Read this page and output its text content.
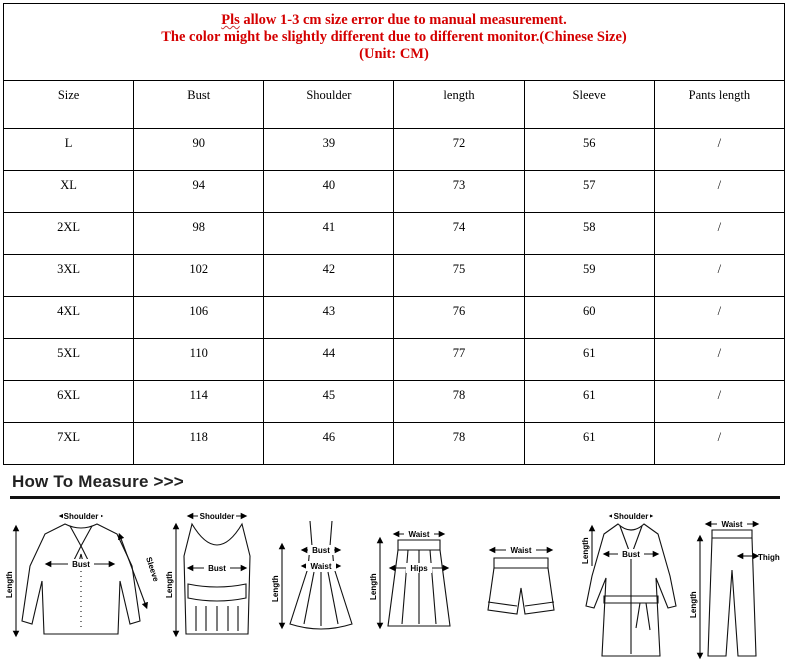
Pls allow 1-3 cm size error due to manual measurement.
The color might be slightly different due to different monitor.(Chinese Size)
(Unit: CM)					

Size	Bust	Shoulder	length	Sleeve	Pants length
L	90	39	72	56	/
XL	94	40	73	57	/
2XL	98	41	74	58	/
3XL	102	42	75	59	/
4XL	106	43	76	60	/
5XL	110	44	77	61	/
6XL	114	45	78	61	/
7XL	118	46	78	61	/
How To Measure >>>
Shoulder
Bust
Length
Sleeve
Shoulder
Bust
Length
Bust
Waist
Length
Waist
Hips
Length
Waist
Shoulder
Bust
Length
Waist
Thigh
Length
